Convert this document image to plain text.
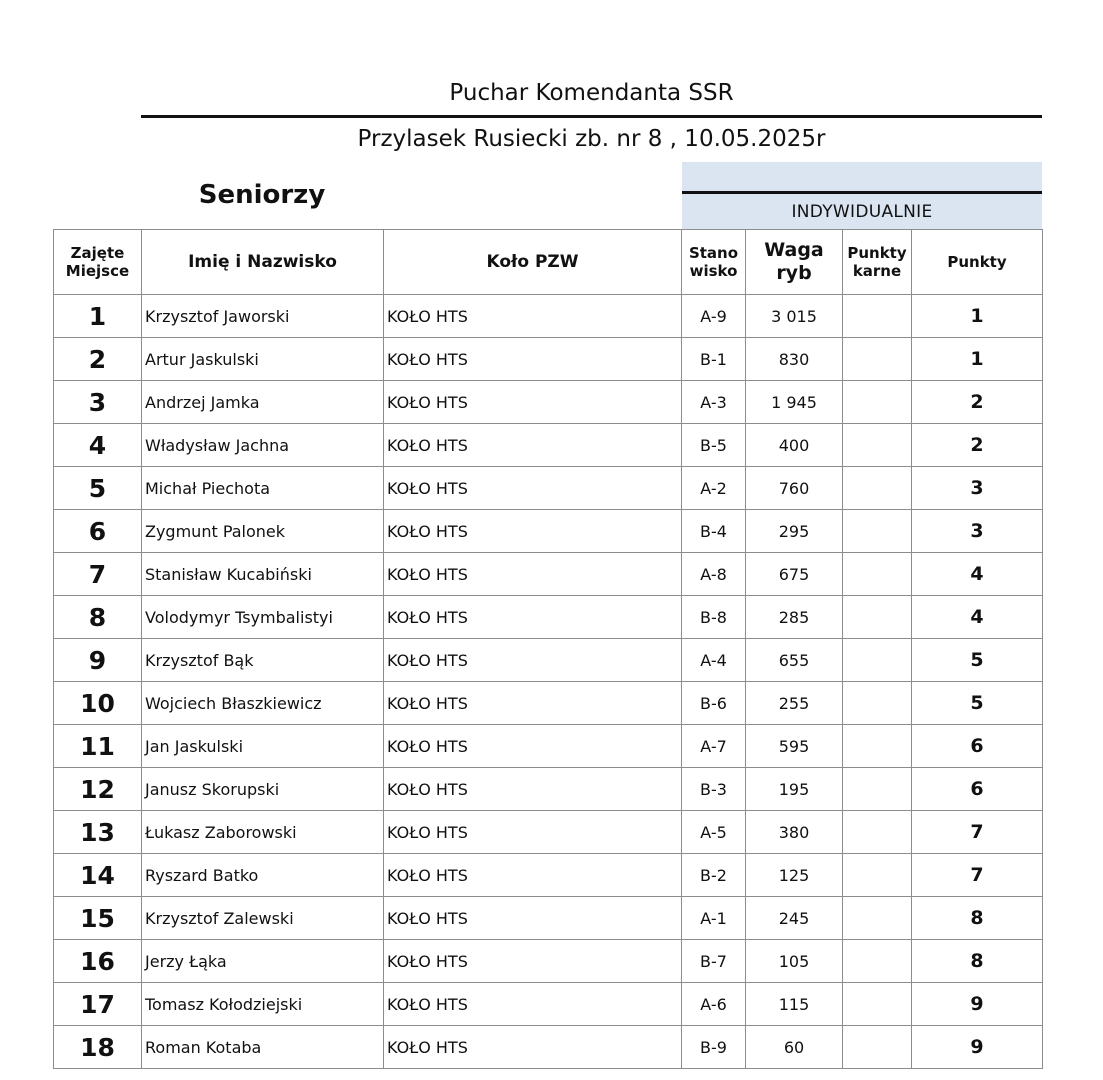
Puchar Komendanta SSR
Przylasek Rusiecki zb. nr 8 , 10.05.2025r
Seniorzy
INDYWIDUALNIE
Zajęte Miejsce	Imię i Nazwisko	Koło PZW	Stano wisko	Waga ryb	Punkty karne	Punkty
1	Krzysztof Jaworski	KOŁO HTS	A-9	3 015		1
2	Artur Jaskulski	KOŁO HTS	B-1	830		1
3	Andrzej Jamka	KOŁO HTS	A-3	1 945		2
4	Władysław Jachna	KOŁO HTS	B-5	400		2
5	Michał Piechota	KOŁO HTS	A-2	760		3
6	Zygmunt Palonek	KOŁO HTS	B-4	295		3
7	Stanisław Kucabiński	KOŁO HTS	A-8	675		4
8	Volodymyr Tsymbalistyi	KOŁO HTS	B-8	285		4
9	Krzysztof Bąk	KOŁO HTS	A-4	655		5
10	Wojciech Błaszkiewicz	KOŁO HTS	B-6	255		5
11	Jan Jaskulski	KOŁO HTS	A-7	595		6
12	Janusz Skorupski	KOŁO HTS	B-3	195		6
13	Łukasz Zaborowski	KOŁO HTS	A-5	380		7
14	Ryszard Batko	KOŁO HTS	B-2	125		7
15	Krzysztof Zalewski	KOŁO HTS	A-1	245		8
16	Jerzy Łąka	KOŁO HTS	B-7	105		8
17	Tomasz Kołodziejski	KOŁO HTS	A-6	115		9
18	Roman Kotaba	KOŁO HTS	B-9	60		9
